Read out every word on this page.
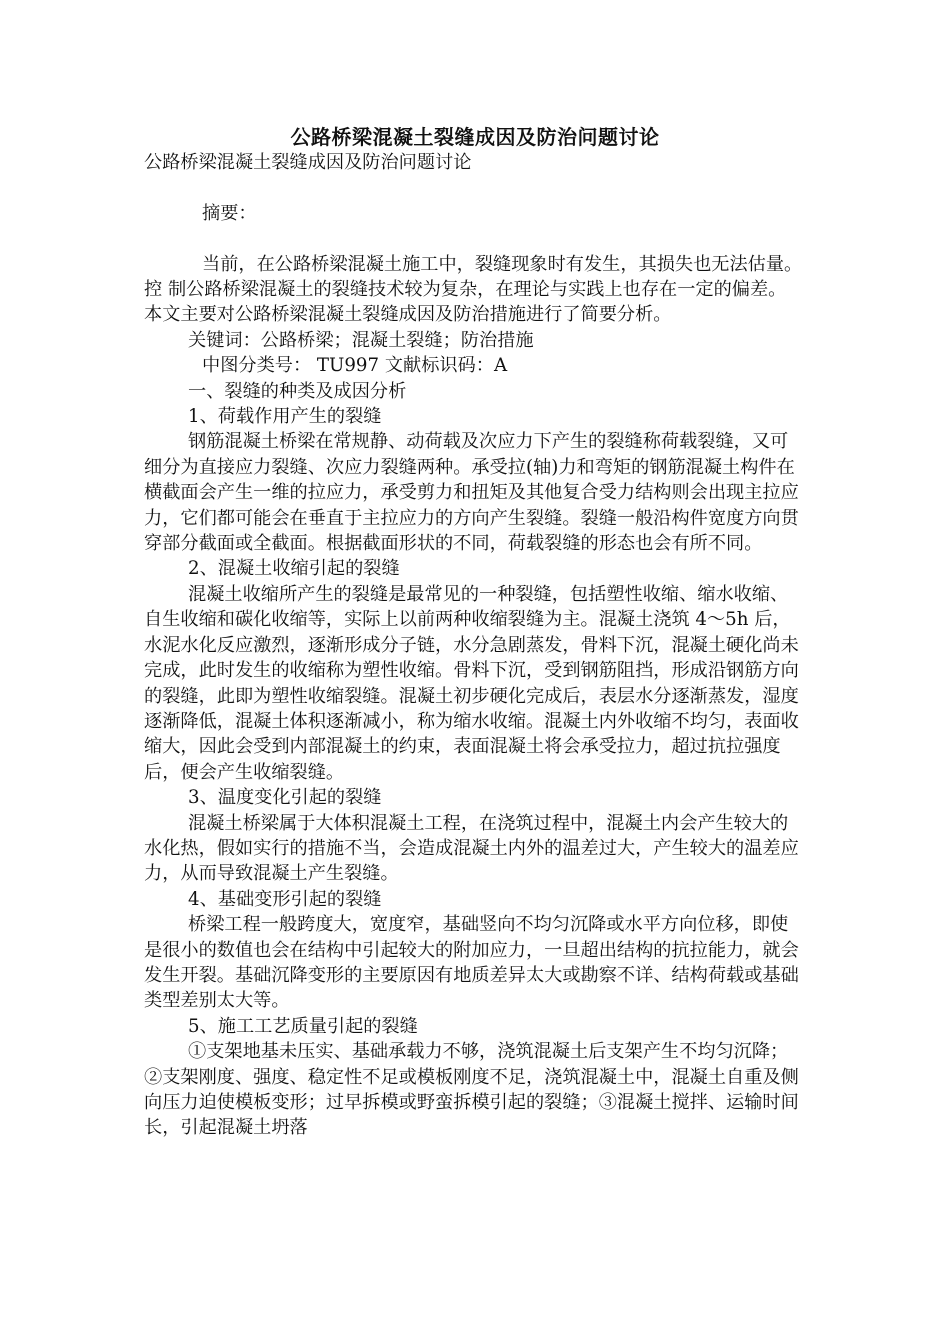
公路桥梁混凝土裂缝成因及防治问题讨论

公路桥梁混凝土裂缝成因及防治问题讨论

摘要：

当前，在公路桥梁混凝土施工中，裂缝现象时有发生，其损失也无法估量。控 制公路桥梁混凝土的裂缝技术较为复杂，在理论与实践上也存在一定的偏差。本文主要对公路桥梁混凝土裂缝成因及防治措施进行了简要分析。

关键词：公路桥梁；混凝土裂缝；防治措施

中图分类号： TU997 文献标识码：A

一、裂缝的种类及成因分析

1、荷载作用产生的裂缝

钢筋混凝土桥梁在常规静、动荷载及次应力下产生的裂缝称荷载裂缝，又可细分为直接应力裂缝、次应力裂缝两种。承受拉(轴)力和弯矩的钢筋混凝土构件在横截面会产生一维的拉应力，承受剪力和扭矩及其他复合受力结构则会出现主拉应力，它们都可能会在垂直于主拉应力的方向产生裂缝。裂缝一般沿构件宽度方向贯穿部分截面或全截面。根据截面形状的不同，荷载裂缝的形态也会有所不同。

2、混凝土收缩引起的裂缝

混凝土收缩所产生的裂缝是最常见的一种裂缝，包括塑性收缩、缩水收缩、自生收缩和碳化收缩等，实际上以前两种收缩裂缝为主。混凝土浇筑 4～5h 后，水泥水化反应激烈，逐渐形成分子链，水分急剧蒸发，骨料下沉，混凝土硬化尚未完成，此时发生的收缩称为塑性收缩。骨料下沉，受到钢筋阻挡，形成沿钢筋方向的裂缝，此即为塑性收缩裂缝。混凝土初步硬化完成后，表层水分逐渐蒸发，湿度逐渐降低，混凝土体积逐渐减小，称为缩水收缩。混凝土内外收缩不均匀，表面收缩大，因此会受到内部混凝土的约束，表面混凝土将会承受拉力，超过抗拉强度后，便会产生收缩裂缝。

3、温度变化引起的裂缝

混凝土桥梁属于大体积混凝土工程，在浇筑过程中，混凝土内会产生较大的水化热，假如实行的措施不当，会造成混凝土内外的温差过大，产生较大的温差应力，从而导致混凝土产生裂缝。

4、基础变形引起的裂缝

桥梁工程一般跨度大，宽度窄，基础竖向不均匀沉降或水平方向位移，即使是很小的数值也会在结构中引起较大的附加应力，一旦超出结构的抗拉能力，就会发生开裂。基础沉降变形的主要原因有地质差异太大或勘察不详、结构荷载或基础类型差别太大等。

5、施工工艺质量引起的裂缝

①支架地基未压实、基础承载力不够，浇筑混凝土后支架产生不均匀沉降；②支架刚度、强度、稳定性不足或模板刚度不足，浇筑混凝土中，混凝土自重及侧向压力迫使模板变形；过早拆模或野蛮拆模引起的裂缝；③混凝土搅拌、运输时间长，引起混凝土坍落
